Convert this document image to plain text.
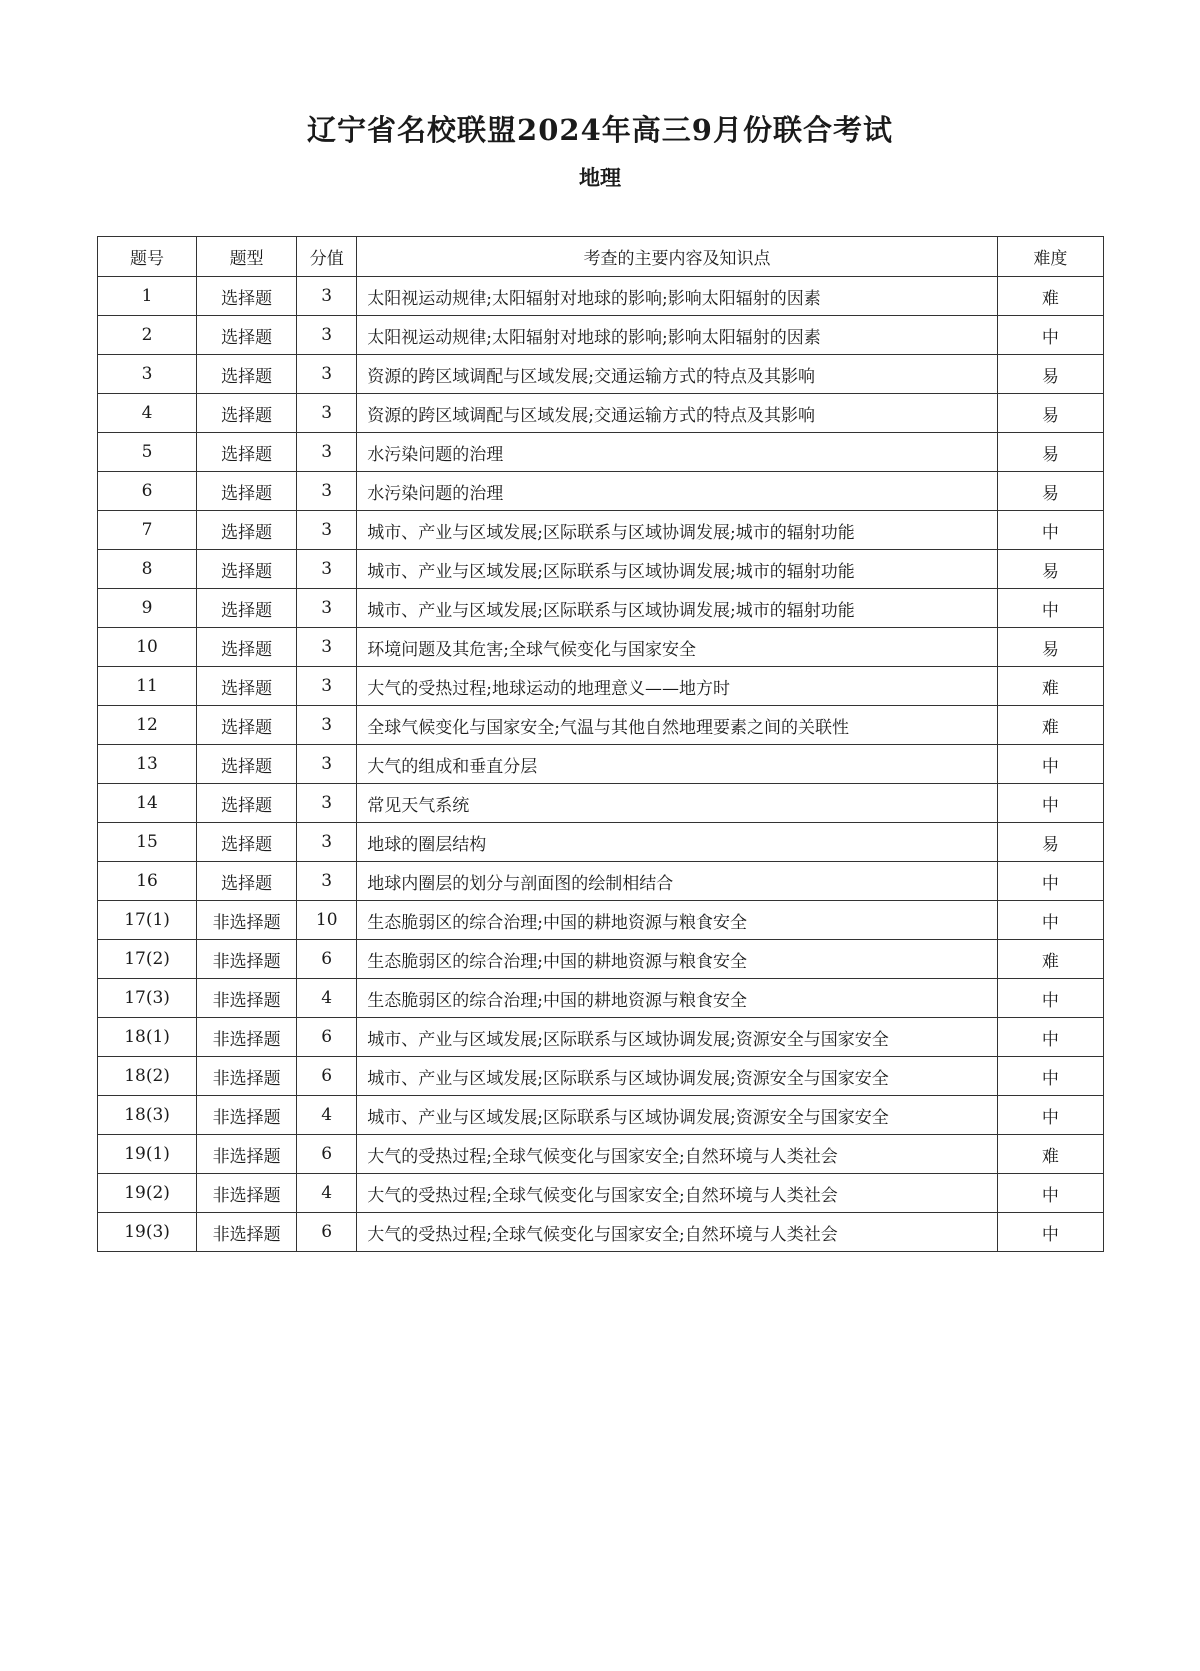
辽宁省名校联盟2024年高三9月份联合考试
地理
题号	题型	分值	考查的主要内容及知识点	难度
1	选择题	3	太阳视运动规律;太阳辐射对地球的影响;影响太阳辐射的因素	难
2	选择题	3	太阳视运动规律;太阳辐射对地球的影响;影响太阳辐射的因素	中
3	选择题	3	资源的跨区域调配与区域发展;交通运输方式的特点及其影响	易
4	选择题	3	资源的跨区域调配与区域发展;交通运输方式的特点及其影响	易
5	选择题	3	水污染问题的治理	易
6	选择题	3	水污染问题的治理	易
7	选择题	3	城市、产业与区域发展;区际联系与区域协调发展;城市的辐射功能	中
8	选择题	3	城市、产业与区域发展;区际联系与区域协调发展;城市的辐射功能	易
9	选择题	3	城市、产业与区域发展;区际联系与区域协调发展;城市的辐射功能	中
10	选择题	3	环境问题及其危害;全球气候变化与国家安全	易
11	选择题	3	大气的受热过程;地球运动的地理意义——地方时	难
12	选择题	3	全球气候变化与国家安全;气温与其他自然地理要素之间的关联性	难
13	选择题	3	大气的组成和垂直分层	中
14	选择题	3	常见天气系统	中
15	选择题	3	地球的圈层结构	易
16	选择题	3	地球内圈层的划分与剖面图的绘制相结合	中
17(1)	非选择题	10	生态脆弱区的综合治理;中国的耕地资源与粮食安全	中
17(2)	非选择题	6	生态脆弱区的综合治理;中国的耕地资源与粮食安全	难
17(3)	非选择题	4	生态脆弱区的综合治理;中国的耕地资源与粮食安全	中
18(1)	非选择题	6	城市、产业与区域发展;区际联系与区域协调发展;资源安全与国家安全	中
18(2)	非选择题	6	城市、产业与区域发展;区际联系与区域协调发展;资源安全与国家安全	中
18(3)	非选择题	4	城市、产业与区域发展;区际联系与区域协调发展;资源安全与国家安全	中
19(1)	非选择题	6	大气的受热过程;全球气候变化与国家安全;自然环境与人类社会	难
19(2)	非选择题	4	大气的受热过程;全球气候变化与国家安全;自然环境与人类社会	中
19(3)	非选择题	6	大气的受热过程;全球气候变化与国家安全;自然环境与人类社会	中
